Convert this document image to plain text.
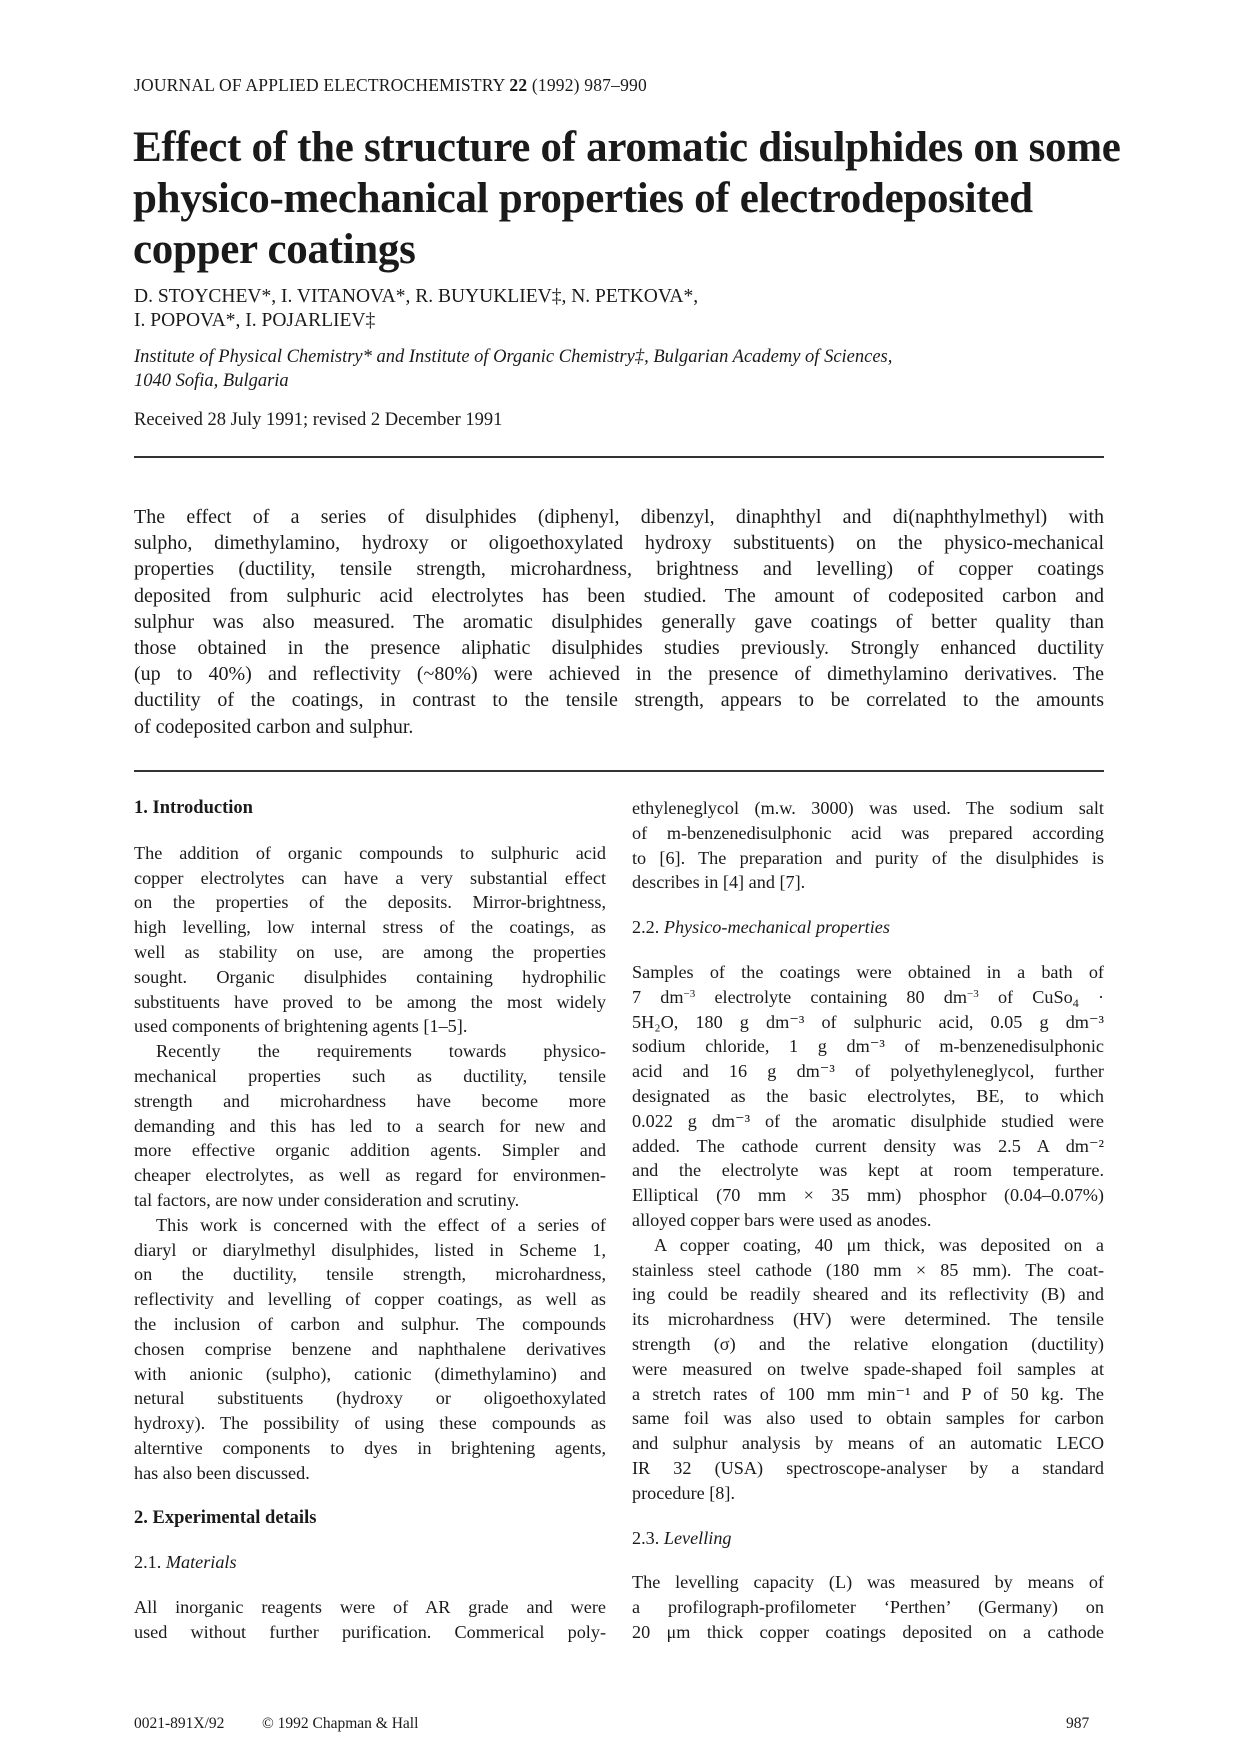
JOURNAL OF APPLIED ELECTROCHEMISTRY 22 (1992) 987–990
Effect of the structure of aromatic disulphides on some
physico-mechanical properties of electrodeposited
copper coatings
D. STOYCHEV*, I. VITANOVA*, R. BUYUKLIEV‡, N. PETKOVA*,
I. POPOVA*, I. POJARLIEV‡
Institute of Physical Chemistry* and Institute of Organic Chemistry‡, Bulgarian Academy of Sciences,
1040 Sofia, Bulgaria
Received 28 July 1991; revised 2 December 1991
The effect of a series of disulphides (diphenyl, dibenzyl, dinaphthyl and di(naphthylmethyl) with
sulpho, dimethylamino, hydroxy or oligoethoxylated hydroxy substituents) on the physico-mechanical
properties (ductility, tensile strength, microhardness, brightness and levelling) of copper coatings
deposited from sulphuric acid electrolytes has been studied. The amount of codeposited carbon and
sulphur was also measured. The aromatic disulphides generally gave coatings of better quality than
those obtained in the presence aliphatic disulphides studies previously. Strongly enhanced ductility
(up to 40%) and reflectivity (~80%) were achieved in the presence of dimethylamino derivatives. The
ductility of the coatings, in contrast to the tensile strength, appears to be correlated to the amounts
of codeposited carbon and sulphur.
1. Introduction
The addition of organic compounds to sulphuric acid
copper electrolytes can have a very substantial effect
on the properties of the deposits. Mirror-brightness,
high levelling, low internal stress of the coatings, as
well as stability on use, are among the properties
sought. Organic disulphides containing hydrophilic
substituents have proved to be among the most widely
used components of brightening agents [1–5].
Recently the requirements towards physico-
mechanical properties such as ductility, tensile
strength and microhardness have become more
demanding and this has led to a search for new and
more effective organic addition agents. Simpler and
cheaper electrolytes, as well as regard for environmen-
tal factors, are now under consideration and scrutiny.
This work is concerned with the effect of a series of
diaryl or diarylmethyl disulphides, listed in Scheme 1,
on the ductility, tensile strength, microhardness,
reflectivity and levelling of copper coatings, as well as
the inclusion of carbon and sulphur. The compounds
chosen comprise benzene and naphthalene derivatives
with anionic (sulpho), cationic (dimethylamino) and
netural substituents (hydroxy or oligoethoxylated
hydroxy). The possibility of using these compounds as
alterntive components to dyes in brightening agents,
has also been discussed.
2. Experimental details
2.1. Materials
All inorganic reagents were of AR grade and were
used without further purification. Commerical poly-
ethyleneglycol (m.w. 3000) was used. The sodium salt
of m-benzenedisulphonic acid was prepared according
to [6]. The preparation and purity of the disulphides is
describes in [4] and [7].
2.2. Physico-mechanical properties
Samples of the coatings were obtained in a bath of
7 $dm^{-3}$ electrolyte containing 80 $dm^{-3}$ of CuSo$_4$ ·
5H₂O, 180 g dm⁻³ of sulphuric acid, 0.05 g dm⁻³
sodium chloride, 1 g dm⁻³ of m-benzenedisulphonic
acid and 16 g dm⁻³ of polyethyleneglycol, further
designated as the basic electrolytes, BE, to which
0.022 g dm⁻³ of the aromatic disulphide studied were
added. The cathode current density was 2.5 A dm⁻²
and the electrolyte was kept at room temperature.
Elliptical (70 mm × 35 mm) phosphor (0.04–0.07%)
alloyed copper bars were used as anodes.
A copper coating, 40 μm thick, was deposited on a
stainless steel cathode (180 mm × 85 mm). The coat-
ing could be readily sheared and its reflectivity (B) and
its microhardness (HV) were determined. The tensile
strength (σ) and the relative elongation (ductility)
were measured on twelve spade-shaped foil samples at
a stretch rates of 100 mm min⁻¹ and P of 50 kg. The
same foil was also used to obtain samples for carbon
and sulphur analysis by means of an automatic LECO
IR 32 (USA) spectroscope-analyser by a standard
procedure [8].
2.3. Levelling
The levelling capacity (L) was measured by means of
a profilograph-profilometer ‘Perthen’ (Germany) on
20 μm thick copper coatings deposited on a cathode
0021-891X/92 © 1992 Chapman & Hall	987
